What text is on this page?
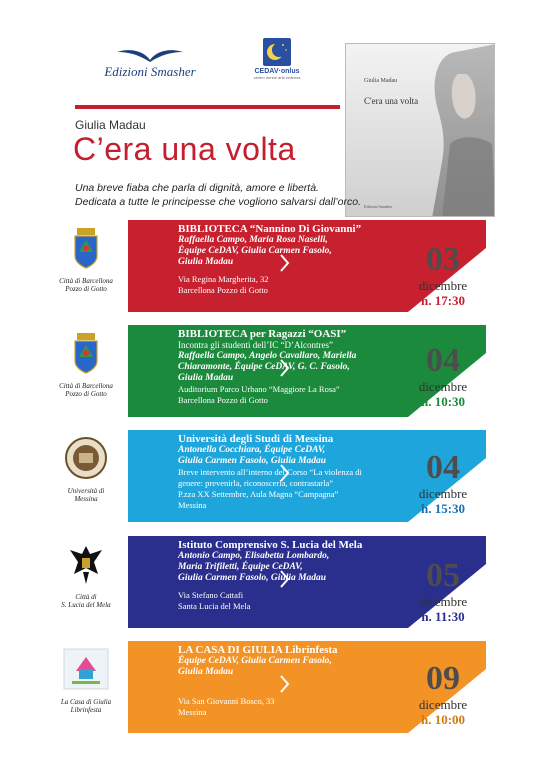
Edizioni Smasher	CEDAV·onlus
centro donne anti violenza
Giulia Madau
C'era una volta
Edizioni Smasher
Giulia Madau
C’era una volta
Una breve fiaba che parla di dignità, amore e libertà.
Dedicata a tutte le principesse che vogliono salvarsi dall’orco.
Città di Barcellona
Pozzo di Gotto
BIBLIOTECA “Nannino Di Giovanni”
Raffaella Campo, Maria Rosa Naselli,
Équipe CeDAV, Giulia Carmen Fasolo,
Giulia Madau
Via Regina Margherita, 32
Barcellona Pozzo di Gotto
03
dicembre
h. 17:30
Città di Barcellona
Pozzo di Gotto
BIBLIOTECA per Ragazzi “OASI”
Incontra gli studenti dell’IC “D’Alcontres”
Raffaella Campo, Angelo Cavallaro, Mariella
Chiaramonte, Équipe CeDAV, G. C. Fasolo,
Giulia Madau
Auditorium Parco Urbano “Maggiore La Rosa”
Barcellona Pozzo di Gotto
04
dicembre
h. 10:30
Università di
Messina
Università degli Studi di Messina
Antonella Cocchiara, Équipe CeDAV,
Giulia Carmen Fasolo, Giulia Madau
Breve intervento all’interno del Corso “La violenza di
genere: prevenirla, riconoscerla, contrastarla”
P.zza XX Settembre, Aula Magna “Campagna”
Messina
04
dicembre
h. 15:30
Città di
S. Lucia del Mela
Istituto Comprensivo S. Lucia del Mela
Antonio Campo, Elisabetta Lombardo,
Maria Trifiletti, Équipe CeDAV,
Giulia Carmen Fasolo, Giulia Madau
Via Stefano Cattafi
Santa Lucia del Mela
05
dicembre
h. 11:30
La Casa di Giulia
Librinfesta
LA CASA DI GIULIA Librinfesta
Équipe CeDAV, Giulia Carmen Fasolo,
Giulia Madau
Via San Giovanni Bosco, 33
Messina
09
dicembre
h. 10:00
